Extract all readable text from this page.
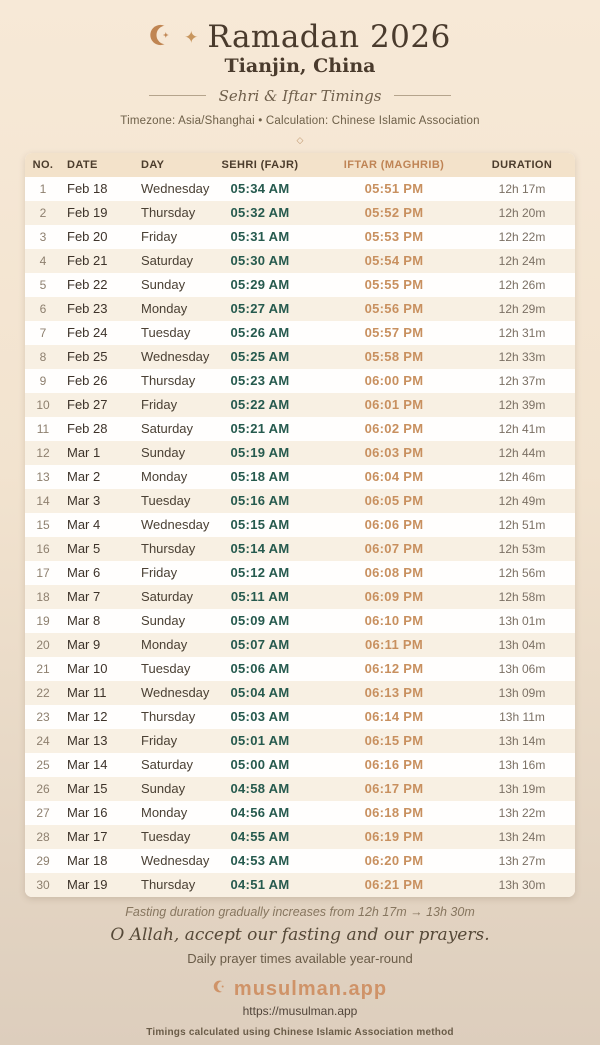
✦ Ramadan 2026
Tianjin, China
Sehri & Iftar Timings
Timezone: Asia/Shanghai • Calculation: Chinese Islamic Association
◇
NO.	DATE	DAY	SEHRI (FAJR)	IFTAR (MAGHRIB)	DURATION
1	Feb 18	Wednesday	05:34 AM	05:51 PM	12h 17m
2	Feb 19	Thursday	05:32 AM	05:52 PM	12h 20m
3	Feb 20	Friday	05:31 AM	05:53 PM	12h 22m
4	Feb 21	Saturday	05:30 AM	05:54 PM	12h 24m
5	Feb 22	Sunday	05:29 AM	05:55 PM	12h 26m
6	Feb 23	Monday	05:27 AM	05:56 PM	12h 29m
7	Feb 24	Tuesday	05:26 AM	05:57 PM	12h 31m
8	Feb 25	Wednesday	05:25 AM	05:58 PM	12h 33m
9	Feb 26	Thursday	05:23 AM	06:00 PM	12h 37m
10	Feb 27	Friday	05:22 AM	06:01 PM	12h 39m
11	Feb 28	Saturday	05:21 AM	06:02 PM	12h 41m
12	Mar 1	Sunday	05:19 AM	06:03 PM	12h 44m
13	Mar 2	Monday	05:18 AM	06:04 PM	12h 46m
14	Mar 3	Tuesday	05:16 AM	06:05 PM	12h 49m
15	Mar 4	Wednesday	05:15 AM	06:06 PM	12h 51m
16	Mar 5	Thursday	05:14 AM	06:07 PM	12h 53m
17	Mar 6	Friday	05:12 AM	06:08 PM	12h 56m
18	Mar 7	Saturday	05:11 AM	06:09 PM	12h 58m
19	Mar 8	Sunday	05:09 AM	06:10 PM	13h 01m
20	Mar 9	Monday	05:07 AM	06:11 PM	13h 04m
21	Mar 10	Tuesday	05:06 AM	06:12 PM	13h 06m
22	Mar 11	Wednesday	05:04 AM	06:13 PM	13h 09m
23	Mar 12	Thursday	05:03 AM	06:14 PM	13h 11m
24	Mar 13	Friday	05:01 AM	06:15 PM	13h 14m
25	Mar 14	Saturday	05:00 AM	06:16 PM	13h 16m
26	Mar 15	Sunday	04:58 AM	06:17 PM	13h 19m
27	Mar 16	Monday	04:56 AM	06:18 PM	13h 22m
28	Mar 17	Tuesday	04:55 AM	06:19 PM	13h 24m
29	Mar 18	Wednesday	04:53 AM	06:20 PM	13h 27m
30	Mar 19	Thursday	04:51 AM	06:21 PM	13h 30m
Fasting duration gradually increases from 12h 17m → 13h 30m
O Allah, accept our fasting and our prayers.
Daily prayer times available year-round
musulman.app
https://musulman.app
Timings calculated using Chinese Islamic Association method
